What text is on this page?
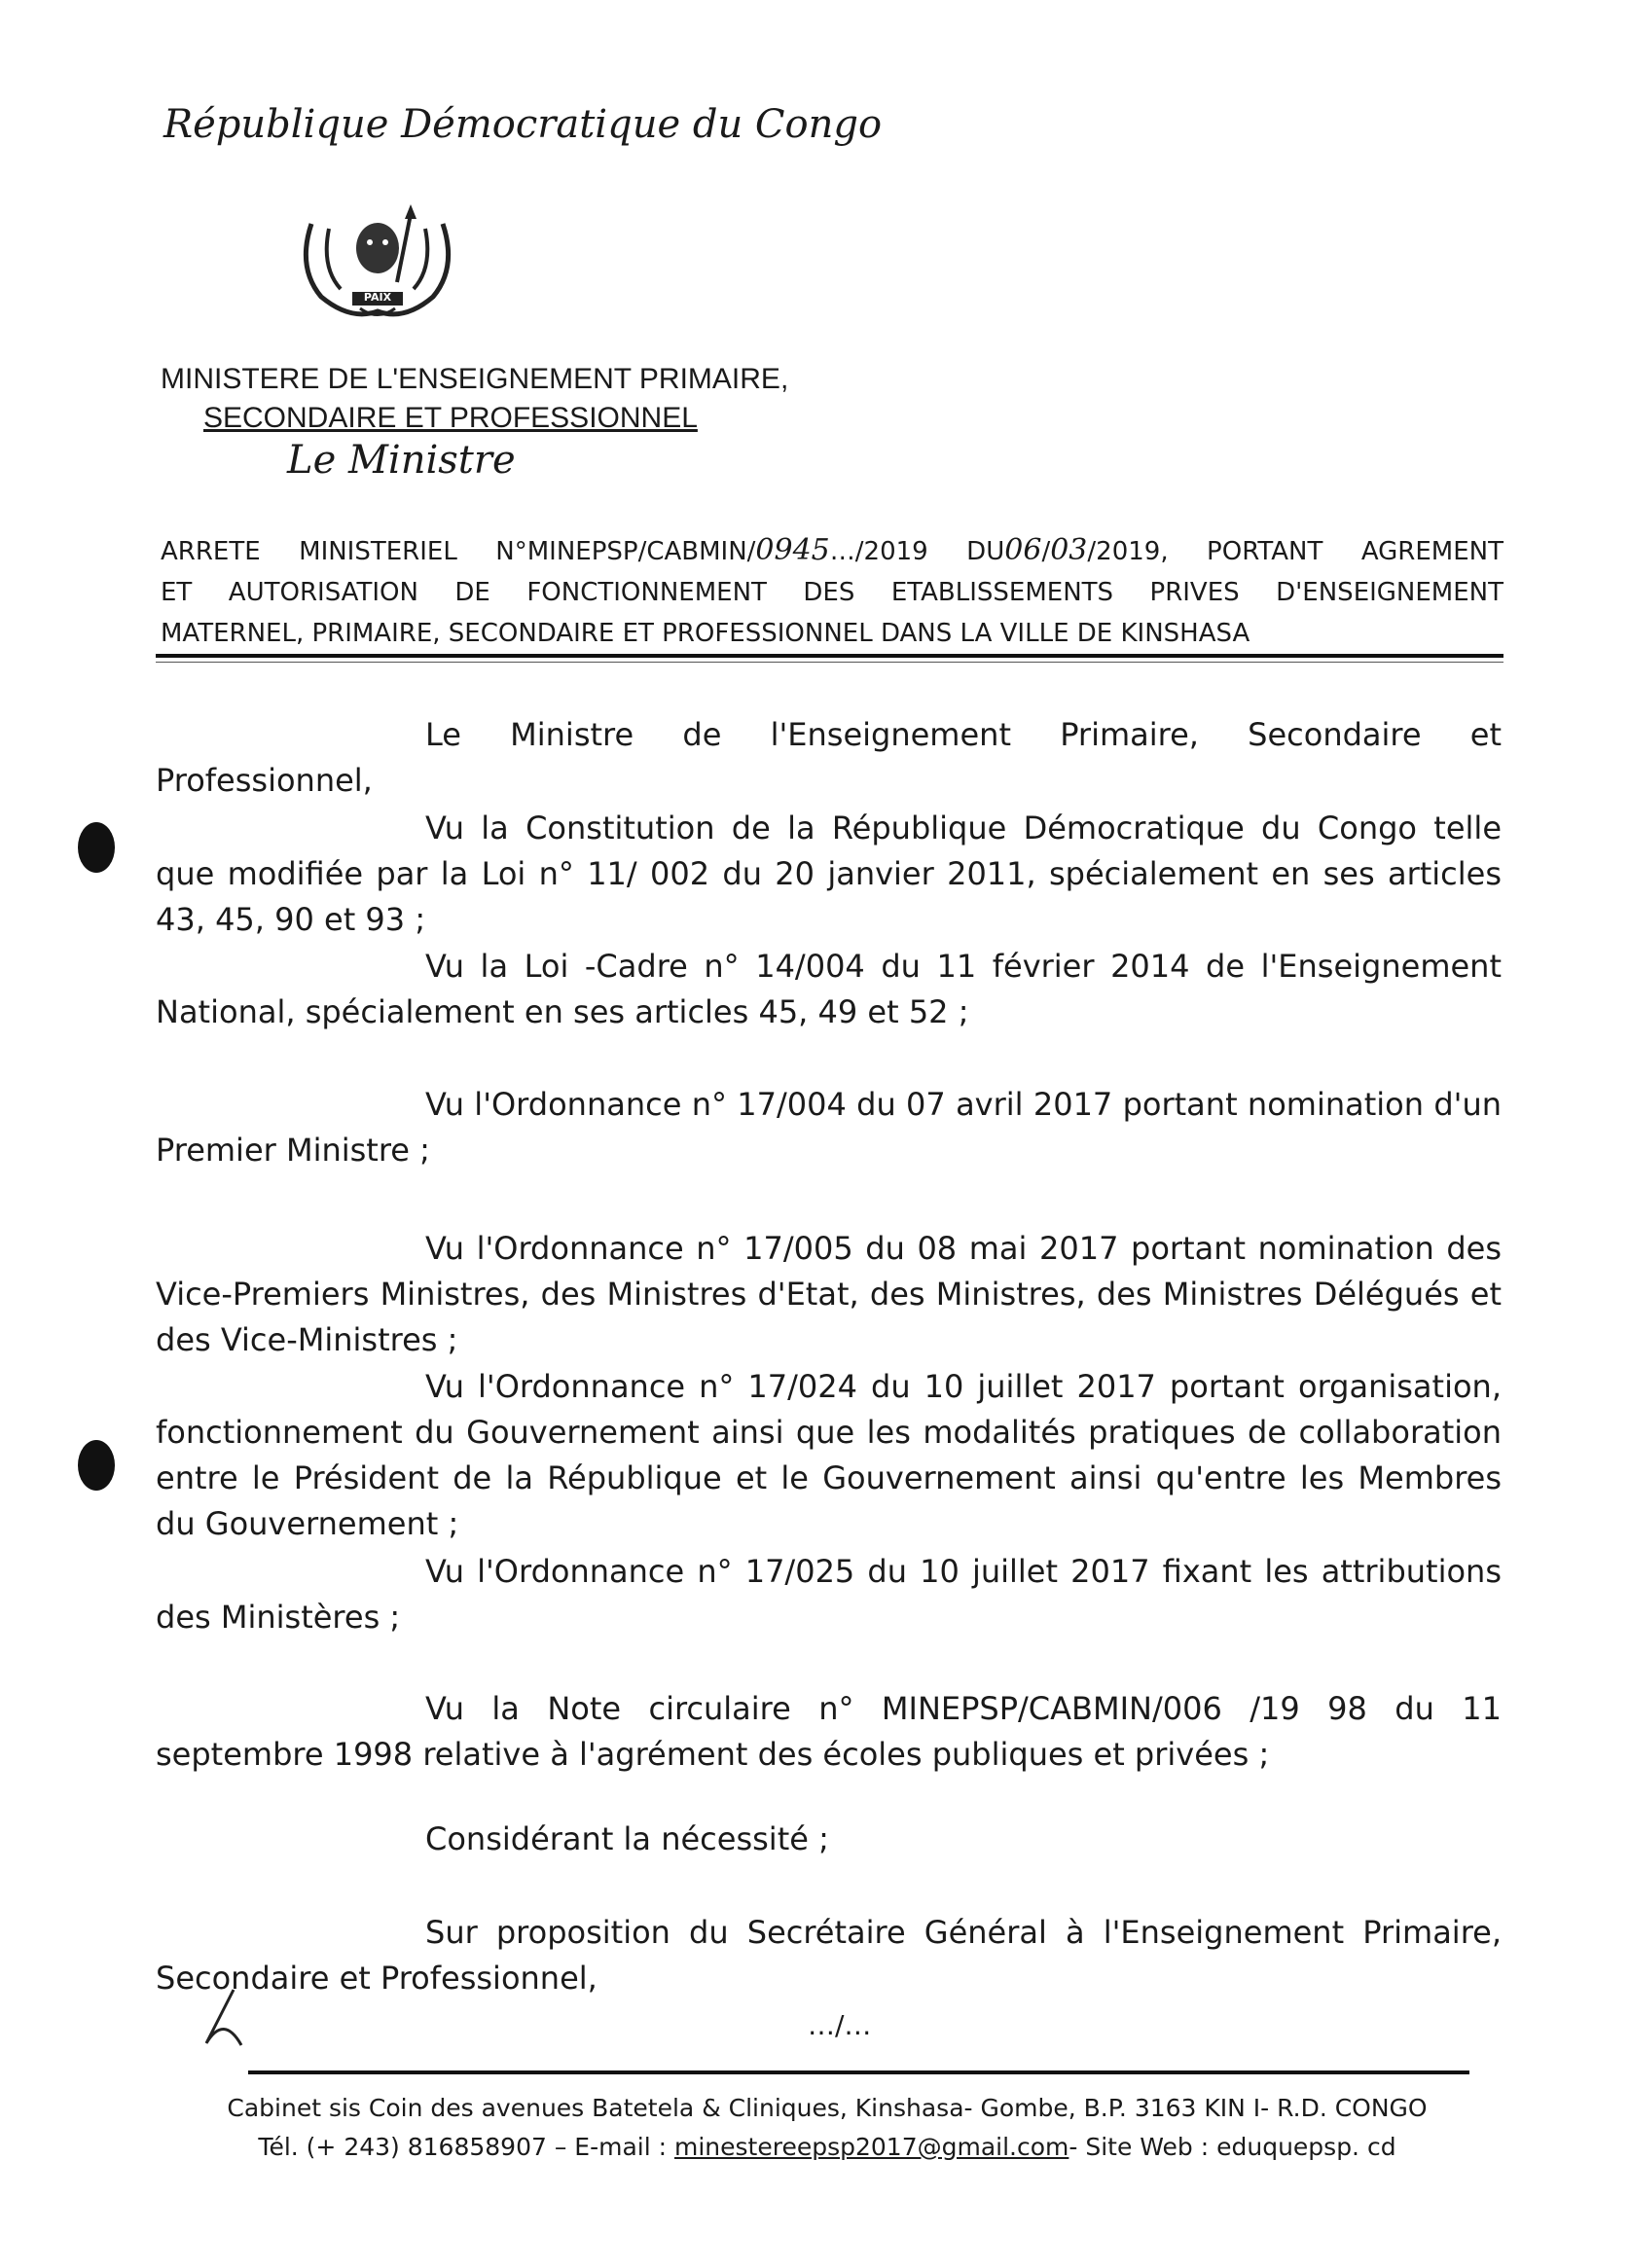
République Démocratique du Congo
PAIX
MINISTERE DE L'ENSEIGNEMENT PRIMAIRE,
SECONDAIRE ET PROFESSIONNEL
Le Ministre
ARRETE MINISTERIEL N°MINEPSP/CABMIN/0945…/2019 DU06/03/2019, PORTANT AGREMENT
ET AUTORISATION DE FONCTIONNEMENT DES ETABLISSEMENTS PRIVES D'ENSEIGNEMENT
MATERNEL, PRIMAIRE, SECONDAIRE ET PROFESSIONNEL DANS LA VILLE DE KINSHASA
Le Ministre de l'Enseignement Primaire, Secondaire et
Professionnel,
Vu la Constitution de la République Démocratique du Congo telle que modifiée par la Loi n° 11/ 002 du 20 janvier 2011, spécialement en ses articles 43, 45, 90 et 93 ;
Vu la Loi -Cadre n° 14/004 du 11 février 2014 de l'Enseignement National, spécialement en ses articles 45, 49 et 52 ;
Vu l'Ordonnance n° 17/004 du 07 avril 2017 portant nomination d'un Premier Ministre ;
Vu l'Ordonnance n° 17/005 du 08 mai 2017 portant nomination des Vice-Premiers Ministres, des Ministres d'Etat, des Ministres, des Ministres Délégués et des Vice-Ministres ;
Vu l'Ordonnance n° 17/024 du 10 juillet 2017 portant organisation, fonctionnement du Gouvernement ainsi que les modalités pratiques de collaboration entre le Président de la République et le Gouvernement ainsi qu'entre les Membres du Gouvernement ;
Vu l'Ordonnance n° 17/025 du 10 juillet 2017 fixant les attributions des Ministères ;
Vu la Note circulaire n° MINEPSP/CABMIN/006 /19 98 du 11 septembre 1998 relative à l'agrément des écoles publiques et privées ;
Considérant la nécessité ;
Sur proposition du Secrétaire Général à l'Enseignement Primaire, Secondaire et Professionnel,
…/…
Cabinet sis Coin des avenues Batetela & Cliniques, Kinshasa- Gombe, B.P. 3163 KIN I- R.D. CONGO
Tél. (+ 243) 816858907 – E-mail : minestereepsp2017@gmail.com- Site Web : eduquepsp. cd
